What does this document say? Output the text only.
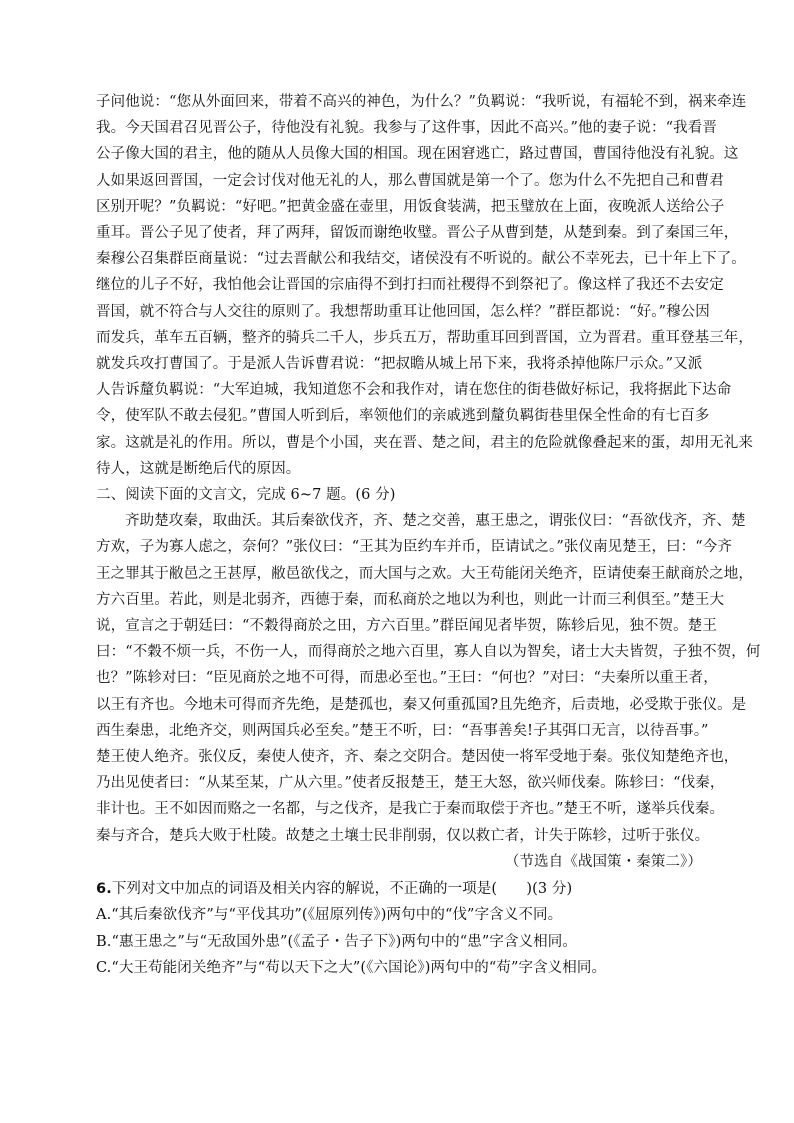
子问他说：“您从外面回来，带着不高兴的神色，为什么？”负羁说：“我听说，有福轮不到，祸来牵连
我。今天国君召见晋公子，待他没有礼貌。我参与了这件事，因此不高兴。”他的妻子说：“我看晋
公子像大国的君主，他的随从人员像大国的相国。现在困窘逃亡，路过曹国，曹国待他没有礼貌。这
人如果返回晋国，一定会讨伐对他无礼的人，那么曹国就是第一个了。您为什么不先把自己和曹君
区别开呢？”负羁说：“好吧。”把黄金盛在壶里，用饭食装满，把玉璧放在上面，夜晚派人送给公子
重耳。晋公子见了使者，拜了两拜，留饭而谢绝收璧。晋公子从曹到楚，从楚到秦。到了秦国三年，
秦穆公召集群臣商量说：“过去晋献公和我结交，诸侯没有不听说的。献公不幸死去，已十年上下了。
继位的儿子不好，我怕他会让晋国的宗庙得不到打扫而社稷得不到祭祀了。像这样了我还不去安定
晋国，就不符合与人交往的原则了。我想帮助重耳让他回国，怎么样？”群臣都说：“好。”穆公因
而发兵，革车五百辆，整齐的骑兵二千人，步兵五万，帮助重耳回到晋国，立为晋君。重耳登基三年，
就发兵攻打曹国了。于是派人告诉曹君说：“把叔瞻从城上吊下来，我将杀掉他陈尸示众。”又派
人告诉釐负羁说：“大军迫城，我知道您不会和我作对，请在您住的街巷做好标记，我将据此下达命
令，使军队不敢去侵犯。”曹国人听到后，率领他们的亲戚逃到釐负羁街巷里保全性命的有七百多
家。这就是礼的作用。所以，曹是个小国，夹在晋、楚之间，君主的危险就像叠起来的蛋，却用无礼来
待人，这就是断绝后代的原因。
二、阅读下面的文言文，完成 6~7 题。(6 分)
齐助楚攻秦，取曲沃。其后秦欲伐齐，齐、楚之交善，惠王患之，谓张仪曰：“吾欲伐齐，齐、楚
方欢，子为寡人虑之，奈何？”张仪曰：“王其为臣约车并币，臣请试之。”张仪南见楚王，曰：“今齐
王之罪其于敝邑之王甚厚，敝邑欲伐之，而大国与之欢。大王苟能闭关绝齐，臣请使秦王献商於之地，
方六百里。若此，则是北弱齐，西德于秦，而私商於之地以为利也，则此一计而三利俱至。”楚王大
说，宣言之于朝廷曰：“不穀得商於之田，方六百里。”群臣闻见者毕贺，陈轸后见，独不贺。楚王
曰：“不穀不烦一兵，不伤一人，而得商於之地六百里，寡人自以为智矣，诸士大夫皆贺，子独不贺，何
也？”陈轸对曰：“臣见商於之地不可得，而患必至也。”王曰：“何也？”对曰：“夫秦所以重王者，
以王有齐也。今地未可得而齐先绝，是楚孤也，秦又何重孤国?且先绝齐，后责地，必受欺于张仪。是
西生秦患，北绝齐交，则两国兵必至矣。”楚王不听，曰：“吾事善矣!子其弭口无言，以待吾事。”
楚王使人绝齐。张仪反，秦使人使齐，齐、秦之交阴合。楚因使一将军受地于秦。张仪知楚绝齐也，
乃出见使者曰：“从某至某，广从六里。”使者反报楚王，楚王大怒，欲兴师伐秦。陈轸曰：“伐秦，
非计也。王不如因而赂之一名都，与之伐齐，是我亡于秦而取偿于齐也。”楚王不听，遂举兵伐秦。
秦与齐合，楚兵大败于杜陵。故楚之土壤士民非削弱，仅以救亡者，计失于陈轸，过听于张仪。
（节选自《战国策・秦策二》）
6.下列对文中加点的词语及相关内容的解说，不正确的一项是(　　)(3 分)
A.“其后秦欲伐齐”与“平伐其功”(《屈原列传》)两句中的“伐”字含义不同。
B.“惠王患之”与“无敌国外患”(《孟子・告子下》)两句中的“患”字含义相同。
C.“大王苟能闭关绝齐”与“苟以天下之大”(《六国论》)两句中的“苟”字含义相同。
